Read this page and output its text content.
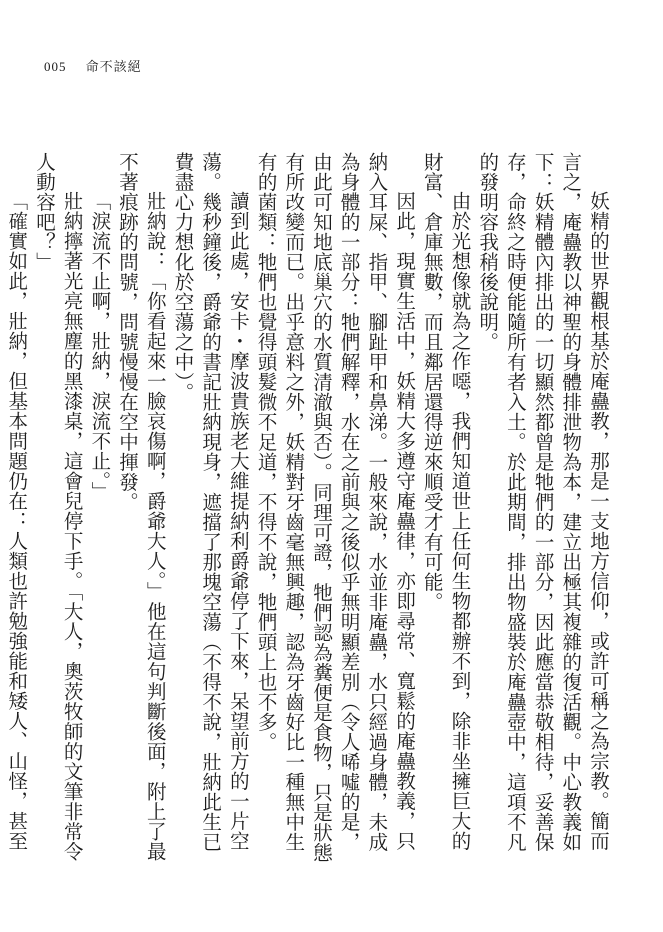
005 命不該絕

妖精的世界觀根基於庵蠱教，那是一支地方信仰，或許可稱之為宗教。簡而言之，庵蠱教以神聖的身體排泄物為本，建立出極其複雜的復活觀。中心教義如下：妖精體內排出的一切顯然都曾是牠們的一部分，因此應當恭敬相待，妥善保存，命終之時便能隨所有者入土。於此期間，排出物盛裝於庵蠱壺中，這項不凡的發明容我稍後說明。

由於光想像就為之作噁，我們知道世上任何生物都辦不到，除非坐擁巨大的財富、倉庫無數，而且鄰居還得逆來順受才有可能。

因此，現實生活中，妖精大多遵守庵蠱律，亦即尋常、寬鬆的庵蠱教義，只納入耳屎、指甲、腳趾甲和鼻涕。一般來說，水並非庵蠱，水只經過身體，未成為身體的一部分：牠們解釋，水在之前與之後似乎無明顯差別（令人唏噓的是，由此可知地底巢穴的水質清澈與否）。同理可證，牠們認為糞便是食物，只是狀態有所改變而已。出乎意料之外，妖精對牙齒毫無興趣，認為牙齒好比一種無中生有的菌類：牠們也覺得頭髮微不足道，不得不說，牠們頭上也不多。

讀到此處，安卡・摩波貴族老大維提納利爵爺停了下來，呆望前方的一片空蕩。幾秒鐘後，爵爺的書記壯納現身，遮擋了那塊空蕩（不得不說，壯納此生已費盡心力想化於空蕩之中）。

壯納說：「你看起來一臉哀傷啊，爵爺大人。」他在這句判斷後面，附上了最不著痕跡的問號，問號慢慢在空中揮發。

「淚流不止啊，壯納，淚流不止。」

壯納擰著光亮無塵的黑漆桌，這會兒停下手。「大人，奧茨牧師的文筆非常令人動容吧？」

「確實如此，壯納，但基本問題仍在：人類也許勉強能和矮人、山怪，甚至
